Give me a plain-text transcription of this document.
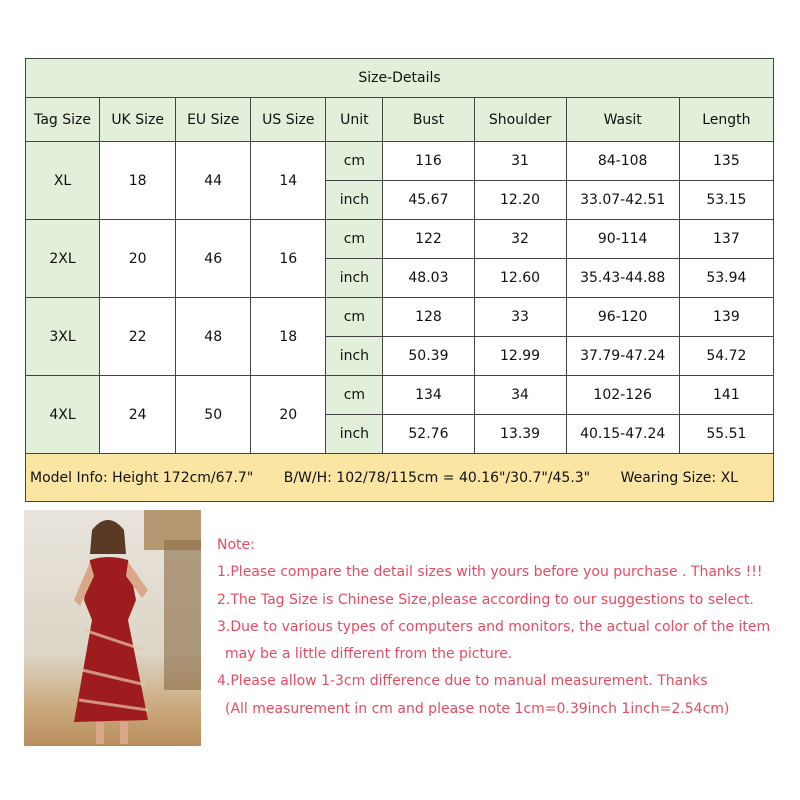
Size-Details								
Tag Size	UK Size	EU Size	US Size	Unit	Bust	Shoulder	Wasit	Length
XL	18	44	14	cm	116	31	84-108	135
				inch	45.67	12.20	33.07-42.51	53.15
2XL	20	46	16	cm	122	32	90-114	137
				inch	48.03	12.60	35.43-44.88	53.94
3XL	22	48	18	cm	128	33	96-120	139
				inch	50.39	12.99	37.79-47.24	54.72
4XL	24	50	20	cm	134	34	102-126	141
				inch	52.76	13.39	40.15-47.24	55.51
Model Info: Height 172cm/67.7" B/W/H: 102/78/115cm = 40.16"/30.7"/45.3" Wearing Size: XL								
Note:
1.Please compare the detail sizes with yours before you purchase . Thanks !!!
2.The Tag Size is Chinese Size,please according to our suggestions to select.
3.Due to various types of computers and monitors, the actual color of the item
may be a little different from the picture.
4.Please allow 1-3cm difference due to manual measurement. Thanks
(All measurement in cm and please note 1cm=0.39inch 1inch=2.54cm)
